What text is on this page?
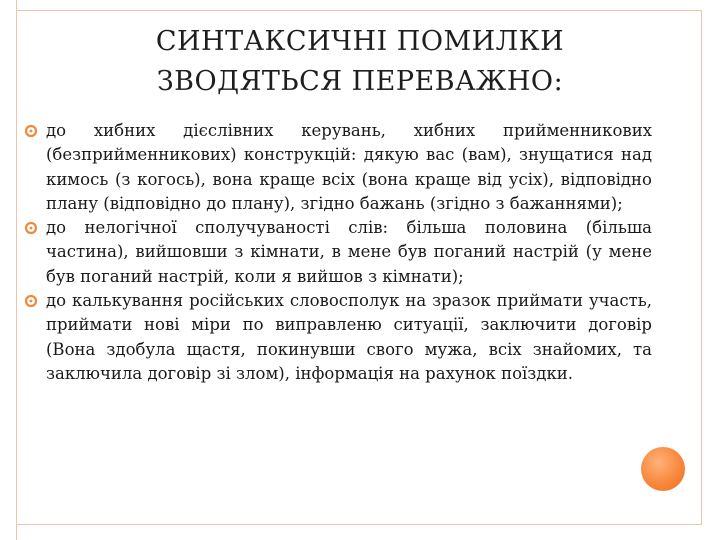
СИНТАКСИЧНІ ПОМИЛКИ
ЗВОДЯТЬСЯ ПЕРЕВАЖНО:
до хибних дієслівних керувань, хибних прийменникових (безприйменникових) конструкцій: дякую вас (вам), знущатися над кимось (з когось), вона краще всіх (вона краще від усіх), відповідно плану (відповідно до плану), згідно бажань (згідно з бажаннями);
до нелогічної сполучуваності слів: більша половина (більша частина), вийшовши з кімнати, в мене був поганий настрій (у мене був поганий настрій, коли я вийшов з кімнати);
до калькування російських словосполук на зразок приймати участь, приймати нові міри по виправленю ситуації, заключити договір (Вона здобула щастя, покинувши свого мужа, всіх знайомих, та заключила договір зі злом), інформація на рахунок поїздки.
